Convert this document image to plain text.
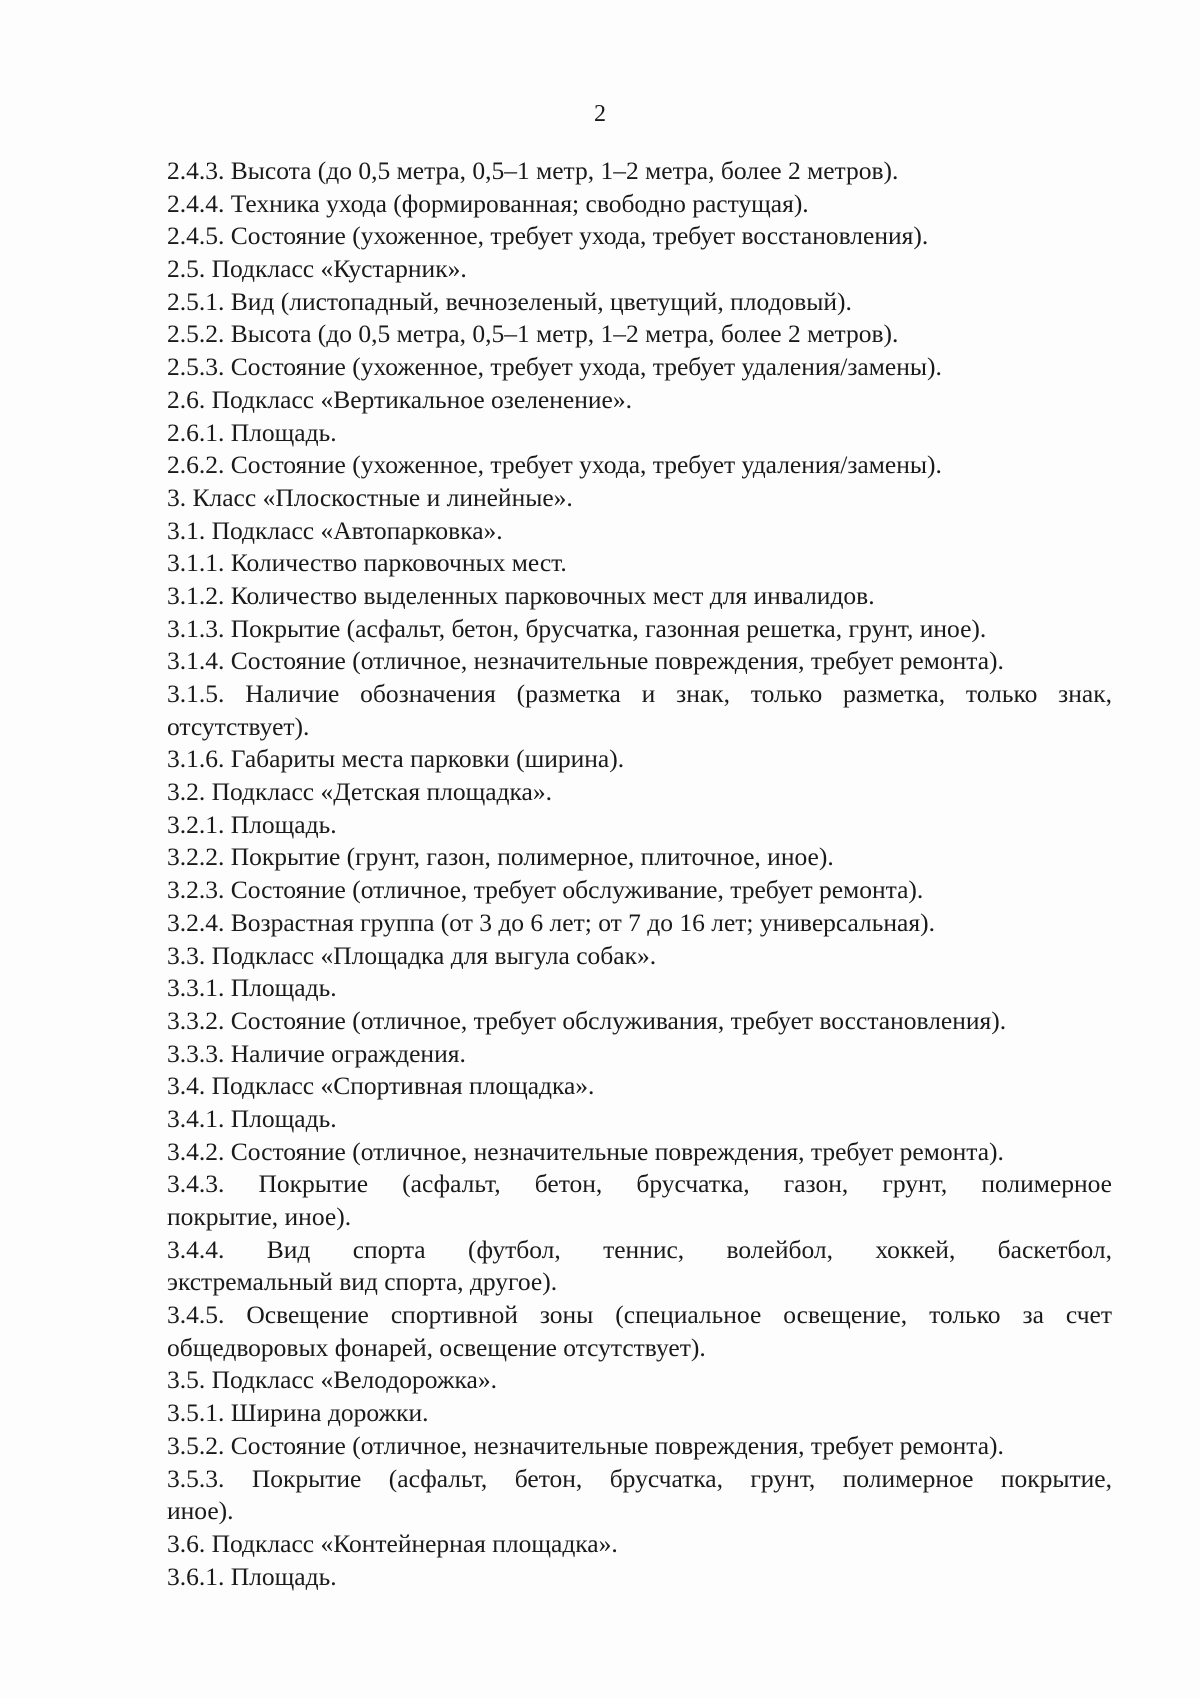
2
2.4.3. Высота (до 0,5 метра, 0,5–1 метр, 1–2 метра, более 2 метров).
2.4.4. Техника ухода (формированная; свободно растущая).
2.4.5. Состояние (ухоженное, требует ухода, требует восстановления).
2.5. Подкласс «Кустарник».
2.5.1. Вид (листопадный, вечнозеленый, цветущий, плодовый).
2.5.2. Высота (до 0,5 метра, 0,5–1 метр, 1–2 метра, более 2 метров).
2.5.3. Состояние (ухоженное, требует ухода, требует удаления/замены).
2.6. Подкласс «Вертикальное озеленение».
2.6.1. Площадь.
2.6.2. Состояние (ухоженное, требует ухода, требует удаления/замены).
3. Класс «Плоскостные и линейные».
3.1. Подкласс «Автопарковка».
3.1.1. Количество парковочных мест.
3.1.2. Количество выделенных парковочных мест для инвалидов.
3.1.3. Покрытие (асфальт, бетон, брусчатка, газонная решетка, грунт, иное).
3.1.4. Состояние (отличное, незначительные повреждения, требует ремонта).
3.1.5. Наличие обозначения (разметка и знак, только разметка, только знак,
отсутствует).
3.1.6. Габариты места парковки (ширина).
3.2. Подкласс «Детская площадка».
3.2.1. Площадь.
3.2.2. Покрытие (грунт, газон, полимерное, плиточное, иное).
3.2.3. Состояние (отличное, требует обслуживание, требует ремонта).
3.2.4. Возрастная группа (от 3 до 6 лет; от 7 до 16 лет; универсальная).
3.3. Подкласс «Площадка для выгула собак».
3.3.1. Площадь.
3.3.2. Состояние (отличное, требует обслуживания, требует восстановления).
3.3.3. Наличие ограждения.
3.4. Подкласс «Спортивная площадка».
3.4.1. Площадь.
3.4.2. Состояние (отличное, незначительные повреждения, требует ремонта).
3.4.3. Покрытие (асфальт, бетон, брусчатка, газон, грунт, полимерное
покрытие, иное).
3.4.4. Вид спорта (футбол, теннис, волейбол, хоккей, баскетбол,
экстремальный вид спорта, другое).
3.4.5. Освещение спортивной зоны (специальное освещение, только за счет
общедворовых фонарей, освещение отсутствует).
3.5. Подкласс «Велодорожка».
3.5.1. Ширина дорожки.
3.5.2. Состояние (отличное, незначительные повреждения, требует ремонта).
3.5.3. Покрытие (асфальт, бетон, брусчатка, грунт, полимерное покрытие,
иное).
3.6. Подкласс «Контейнерная площадка».
3.6.1. Площадь.
